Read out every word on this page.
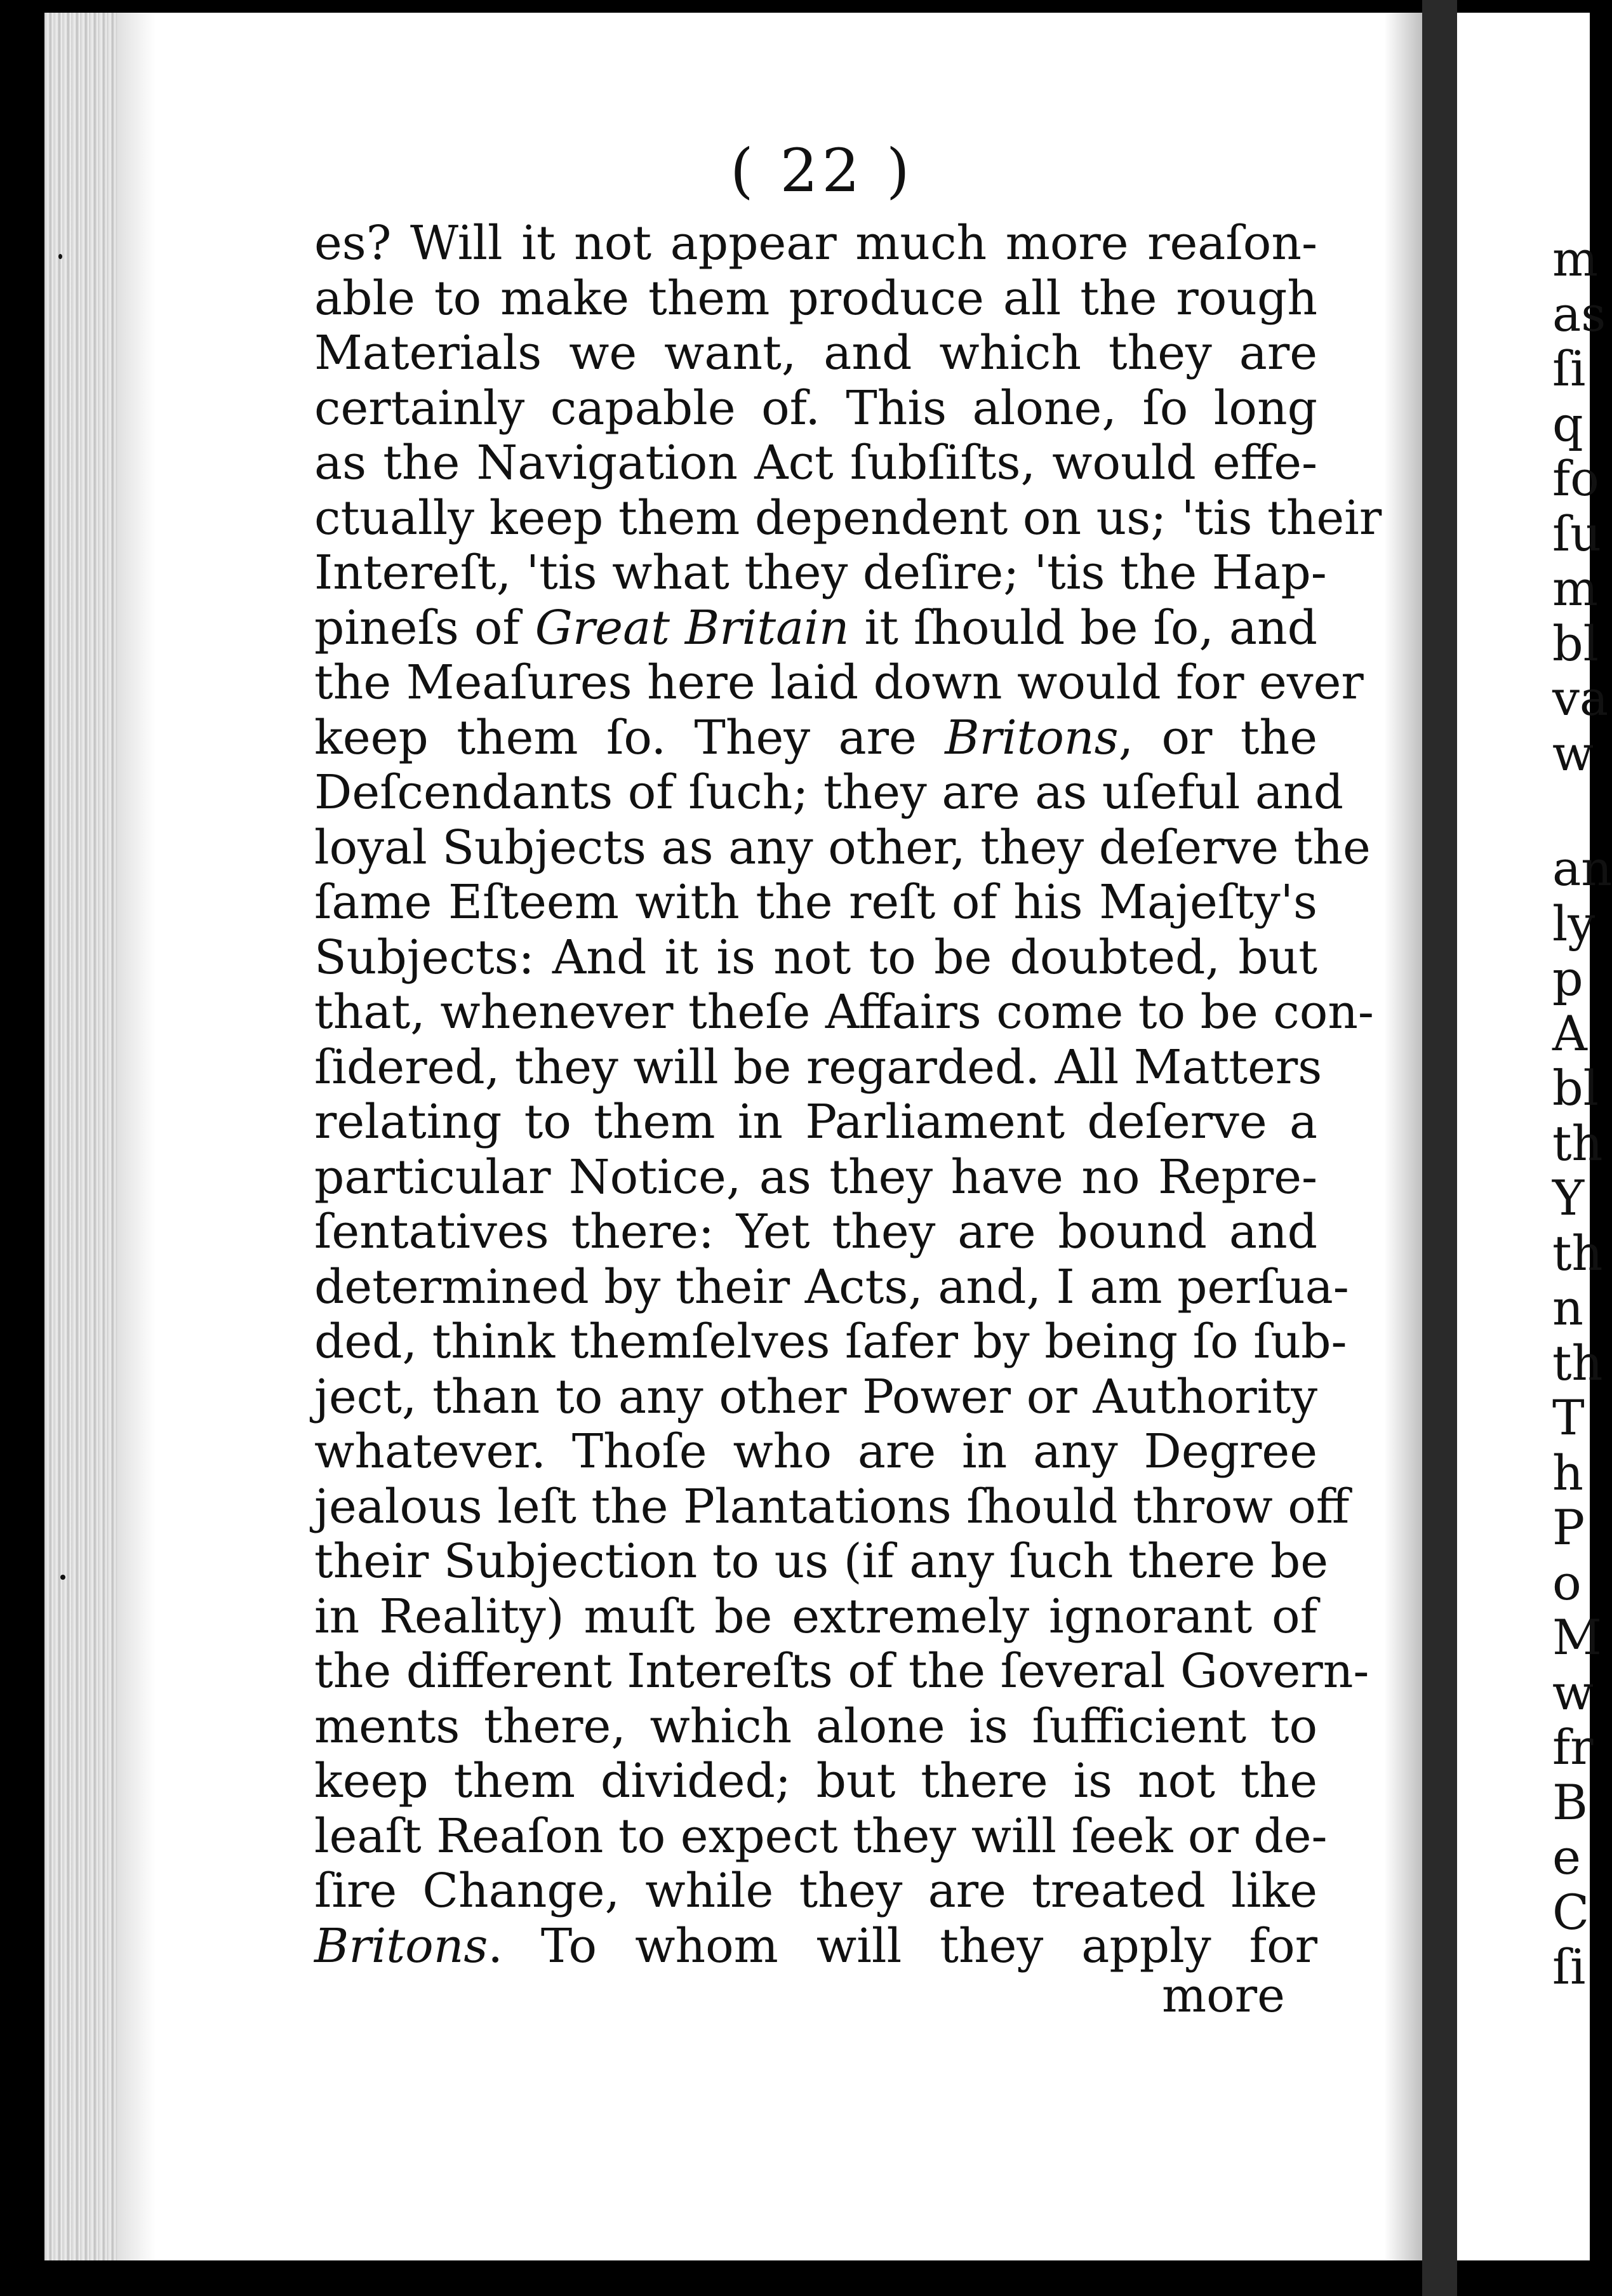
m
as
ſi
q
fo
ſu
m
bl
va
w
an
ly
p
A
bl
th
Y
th
n
th
T
h
P
o
M
w
fr
B
e
C
ſi
( 22 )
es? Will it not appear much more reaſon-
able to make them produce all the rough
Materials we want, and which they are
certainly capable of. This alone, ſo long
as the Navigation Act ſubſiſts, would effe-
ctually keep them dependent on us; 'tis their
Intereſt, 'tis what they deſire; 'tis the Hap-
pineſs of Great Britain it ſhould be ſo, and
the Meaſures here laid down would for ever
keep them ſo. They are Britons, or the
Deſcendants of ſuch; they are as uſeful and
loyal Subjects as any other, they deſerve the
ſame Eſteem with the reſt of his Majeſty's
Subjects: And it is not to be doubted, but
that, whenever theſe Affairs come to be con-
ſidered, they will be regarded. All Matters
relating to them in Parliament deſerve a
particular Notice, as they have no Repre-
ſentatives there: Yet they are bound and
determined by their Acts, and, I am perſua-
ded, think themſelves ſafer by being ſo ſub-
ject, than to any other Power or Authority
whatever. Thoſe who are in any Degree
jealous leſt the Plantations ſhould throw off
their Subjection to us (if any ſuch there be
in Reality) muſt be extremely ignorant of
the different Intereſts of the ſeveral Govern-
ments there, which alone is ſufficient to
keep them divided; but there is not the
leaſt Reaſon to expect they will ſeek or de-
ſire Change, while they are treated like
Britons. To whom will they apply for
more
